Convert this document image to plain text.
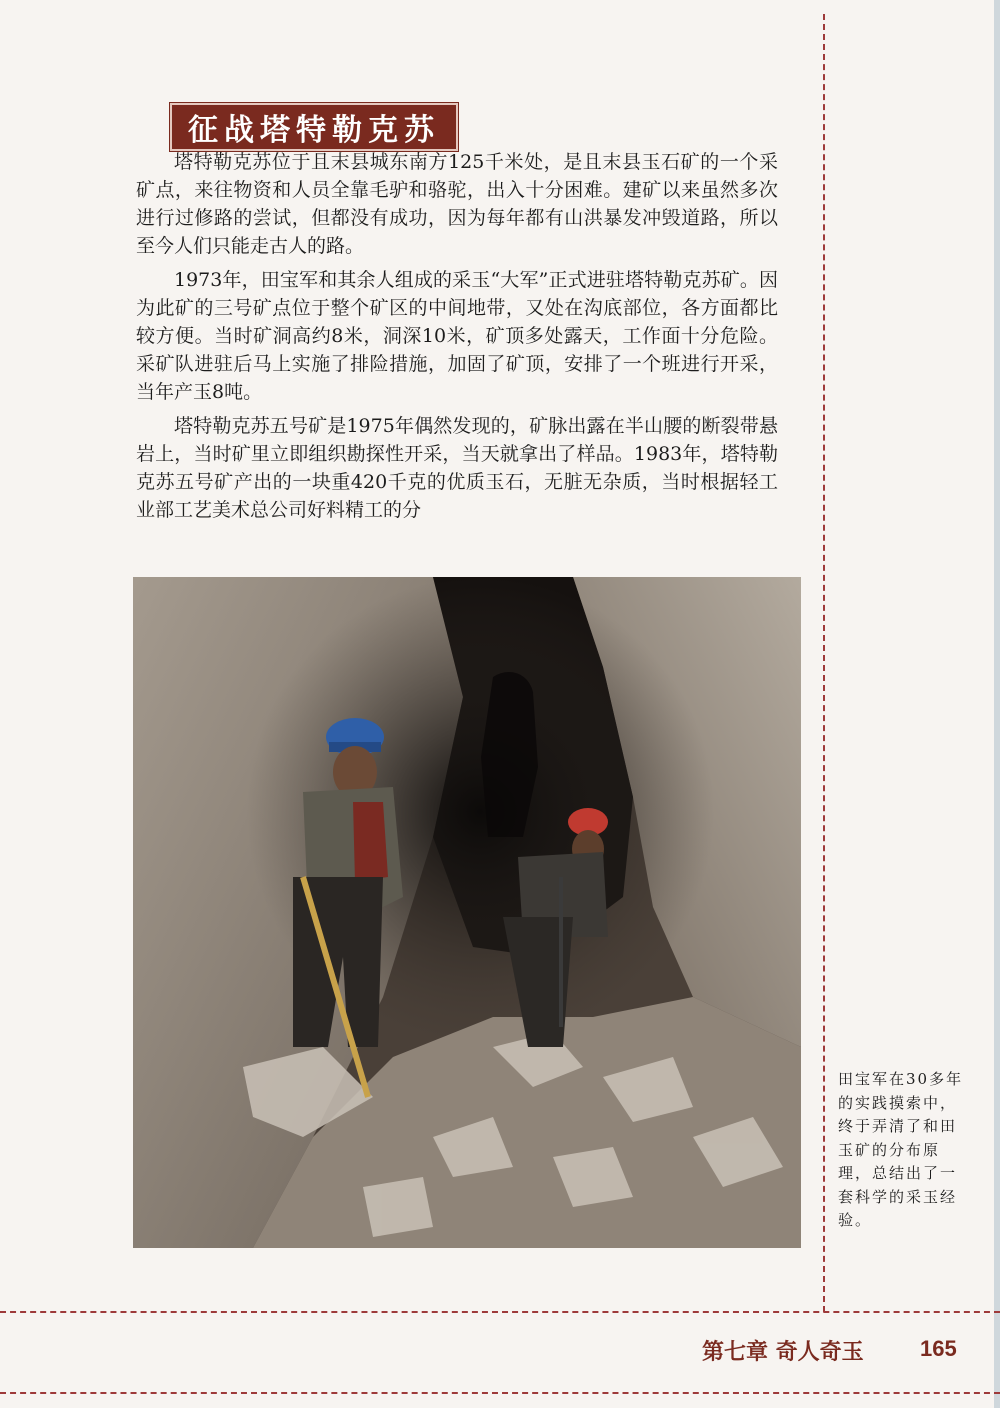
征战塔特勒克苏

塔特勒克苏位于且末县城东南方125千米处，是且末县玉石矿的一个采矿点，来往物资和人员全靠毛驴和骆驼，出入十分困难。建矿以来虽然多次进行过修路的尝试，但都没有成功，因为每年都有山洪暴发冲毁道路，所以至今人们只能走古人的路。

1973年，田宝军和其余人组成的采玉“大军”正式进驻塔特勒克苏矿。因为此矿的三号矿点位于整个矿区的中间地带，又处在沟底部位，各方面都比较方便。当时矿洞高约8米，洞深10米，矿顶多处露天，工作面十分危险。采矿队进驻后马上实施了排险措施，加固了矿顶，安排了一个班进行开采，当年产玉8吨。

塔特勒克苏五号矿是1975年偶然发现的，矿脉出露在半山腰的断裂带悬岩上，当时矿里立即组织勘探性开采，当天就拿出了样品。1983年，塔特勒克苏五号矿产出的一块重420千克的优质玉石，无脏无杂质，当时根据轻工业部工艺美术总公司好料精工的分

田宝军在30多年的实践摸索中，终于弄清了和田玉矿的分布原理，总结出了一套科学的采玉经验。
第七章 奇人奇玉	165
